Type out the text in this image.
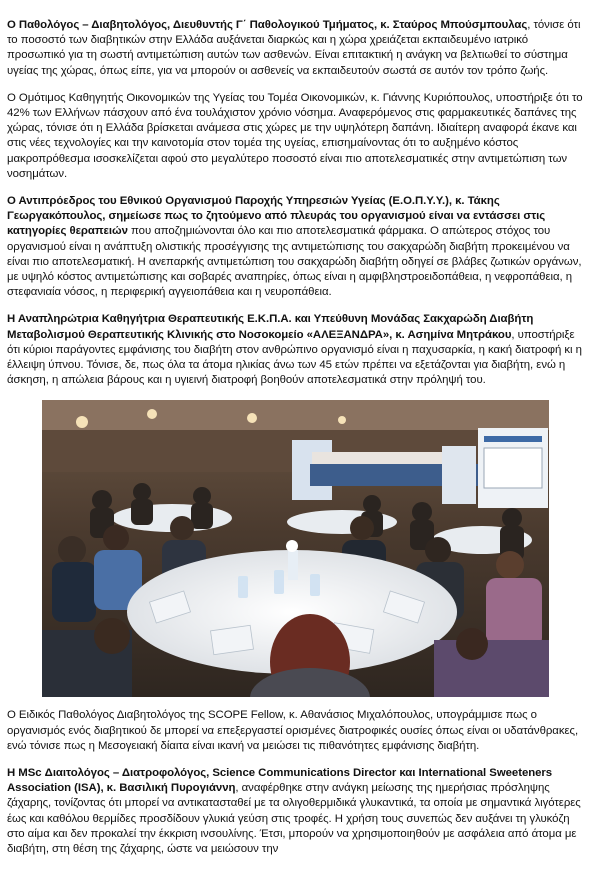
Ο Παθολόγος – Διαβητολόγος, Διευθυντής Γ΄ Παθολογικού Τμήματος, κ. Σταύρος Μπούσμπουλας, τόνισε ότι το ποσοστό των διαβητικών στην Ελλάδα αυξάνεται διαρκώς και η χώρα χρειάζεται εκπαιδευμένο ιατρικό προσωπικό για τη σωστή αντιμετώπιση αυτών των ασθενών. Είναι επιτακτική η ανάγκη να βελτιωθεί το σύστημα υγείας της χώρας, όπως είπε, για να μπορούν οι ασθενείς να εκπαιδευτούν σωστά σε αυτόν τον τρόπο ζωής.

Ο Ομότιμος Καθηγητής Οικονομικών της Υγείας του Τομέα Οικονομικών, κ. Γιάννης Κυριόπουλος, υποστήριξε ότι το 42% των Ελλήνων πάσχουν από ένα τουλάχιστον χρόνιο νόσημα. Αναφερόμενος στις φαρμακευτικές δαπάνες της χώρας, τόνισε ότι η Ελλάδα βρίσκεται ανάμεσα στις χώρες με την υψηλότερη δαπάνη. Ιδιαίτερη αναφορά έκανε και στις νέες τεχνολογίες και την καινοτομία στον τομέα της υγείας, επισημαίνοντας ότι το αυξημένο κόστος μακροπρόθεσμα ισοσκελίζεται αφού στο μεγαλύτερο ποσοστό είναι πιο αποτελεσματικές στην αντιμετώπιση των νοσημάτων.

Ο Αντιπρόεδρος του Εθνικού Οργανισμού Παροχής Υπηρεσιών Υγείας (Ε.Ο.Π.Υ.Υ.), κ. Τάκης Γεωργακόπουλος, σημείωσε πως το ζητούμενο από πλευράς του οργανισμού είναι να εντάσσει στις κατηγορίες θεραπειών που αποζημιώνονται όλο και πιο αποτελεσματικά φάρμακα. Ο απώτερος στόχος του οργανισμού είναι η ανάπτυξη ολιστικής προσέγγισης της αντιμετώπισης του σακχαρώδη διαβήτη προκειμένου να είναι πιο αποτελεσματική. Η ανεπαρκής αντιμετώπιση του σακχαρώδη διαβήτη οδηγεί σε βλάβες ζωτικών οργάνων, με υψηλό κόστος αντιμετώπισης και σοβαρές αναπηρίες, όπως είναι η αμφιβληστροειδοπάθεια, η νεφροπάθεια, η στεφανιαία νόσος, η περιφερική αγγειοπάθεια και η νευροπάθεια.

Η Αναπληρώτρια Καθηγήτρια Θεραπευτικής Ε.Κ.Π.Α. και Υπεύθυνη Μονάδας Σακχαρώδη Διαβήτη Μεταβολισμού Θεραπευτικής Κλινικής στο Νοσοκομείο «ΑΛΕΞΑΝΔΡΑ», κ. Ασημίνα Μητράκου, υποστήριξε ότι κύριοι παράγοντες εμφάνισης του διαβήτη στον ανθρώπινο οργανισμό είναι η παχυσαρκία, η κακή διατροφή κι η έλλειψη ύπνου. Τόνισε, δε, πως όλα τα άτομα ηλικίας άνω των 45 ετών πρέπει να εξετάζονται για διαβήτη, ενώ η άσκηση, η απώλεια βάρους και η υγιεινή διατροφή βοηθούν αποτελεσματικά στην πρόληψή του.

Ο Ειδικός Παθολόγος Διαβητολόγος της SCOPE Fellow, κ. Αθανάσιος Μιχαλόπουλος, υπογράμμισε πως ο οργανισμός ενός διαβητικού δε μπορεί να επεξεργαστεί ορισμένες διατροφικές ουσίες όπως είναι οι υδατάνθρακες, ενώ τόνισε πως η Μεσογειακή δίαιτα είναι ικανή να μειώσει τις πιθανότητες εμφάνισης διαβήτη.

Η MSc Διαιτολόγος – Διατροφολόγος, Science Communications Director και International Sweeteners Association (ISA), κ. Βασιλική Πυρογιάννη, αναφέρθηκε στην ανάγκη μείωσης της ημερήσιας πρόσληψης ζάχαρης, τονίζοντας ότι μπορεί να αντικατασταθεί με τα ολιγοθερμιδικά γλυκαντικά, τα οποία με σημαντικά λιγότερες έως και καθόλου θερμίδες προσδίδουν γλυκιά γεύση στις τροφές. Η χρήση τους συνεπώς δεν αυξάνει τη γλυκόζη στο αίμα και δεν προκαλεί την έκκριση ινσουλίνης. Έτσι, μπορούν να χρησιμοποιηθούν με ασφάλεια από άτομα με διαβήτη, στη θέση της ζάχαρης, ώστε να μειώσουν την
